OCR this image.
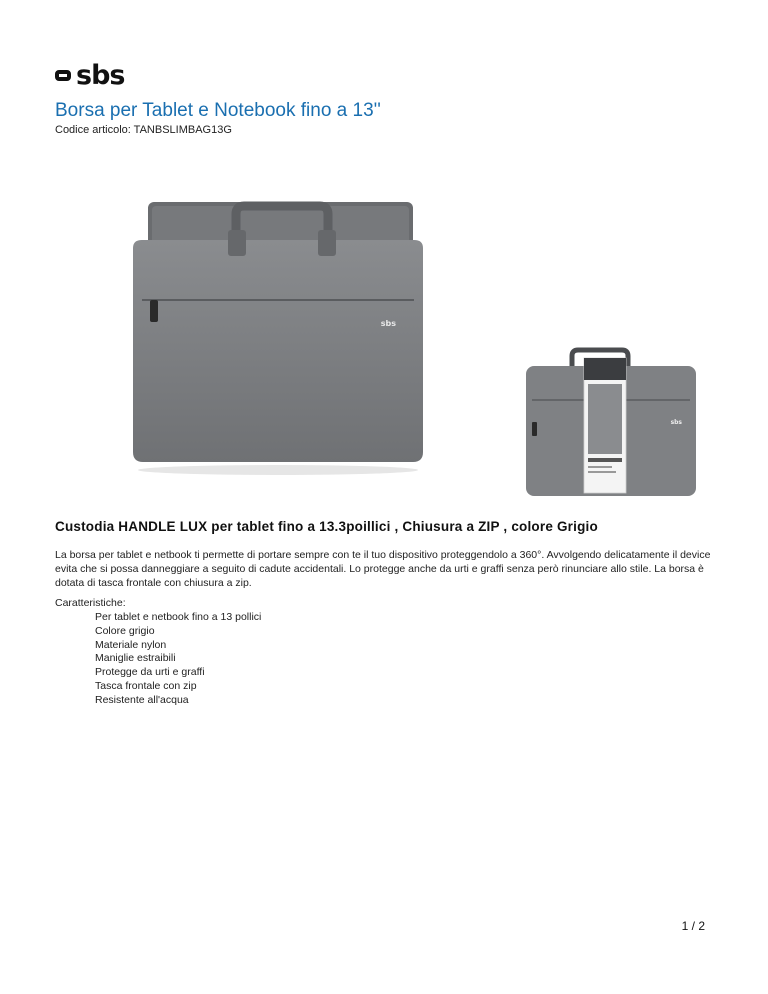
sbs
Borsa per Tablet e Notebook fino a 13''
Codice articolo: TANBSLIMBAG13G
sbs
sbs
Custodia HANDLE LUX per tablet fino a 13.3poillici , Chiusura a ZIP , colore Grigio

La borsa per tablet e netbook ti permette di portare sempre con te il tuo dispositivo proteggendolo a 360°. Avvolgendo delicatamente il device evita che si possa danneggiare a seguito di cadute accidentali. Lo protegge anche da urti e graffi senza però rinunciare allo stile. La borsa è dotata di tasca frontale con chiusura a zip.

Caratteristiche:
Per tablet e netbook fino a 13 pollici
Colore grigio
Materiale nylon
Maniglie estraibili
Protegge da urti e graffi
Tasca frontale con zip
Resistente all'acqua
1 / 2
